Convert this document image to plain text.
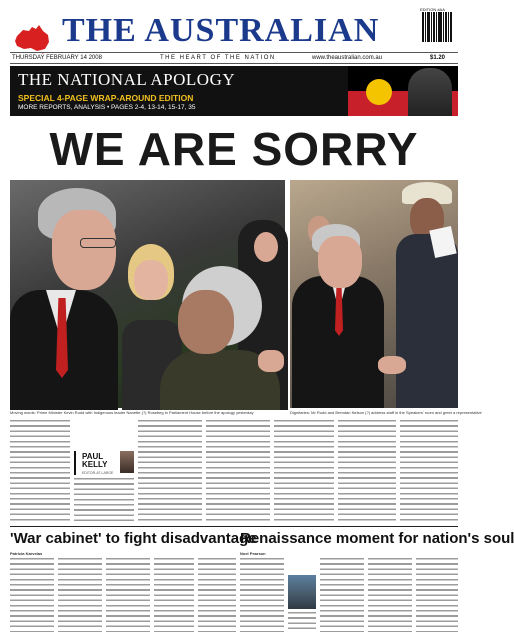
THE AUSTRALIAN
EDITION #AA
THURSDAY FEBRUARY 14 2008	THE HEART OF THE NATION	www.theaustralian.com.au	$1.20
THE NATIONAL APOLOGY
SPECIAL 4-PAGE WRAP-AROUND EDITION
MORE REPORTS, ANALYSIS • PAGES 2-4, 13-14, 15-17, 35
WE ARE SORRY
Moving words: Prime Minister Kevin Rudd with Indigenous leader Nanette (?) Rosebeg in Parliament House before the apology yesterday	Dignitaries: Mr Rudd and Brendan Nelson (?) address staff in the Speakers' room and greet a representative
PAUL
KELLY
EDITOR-AT-LARGE
'War cabinet' to fight disadvantage
Renaissance moment for nation's soul
Patricia Karvelas	Noel Pearson
